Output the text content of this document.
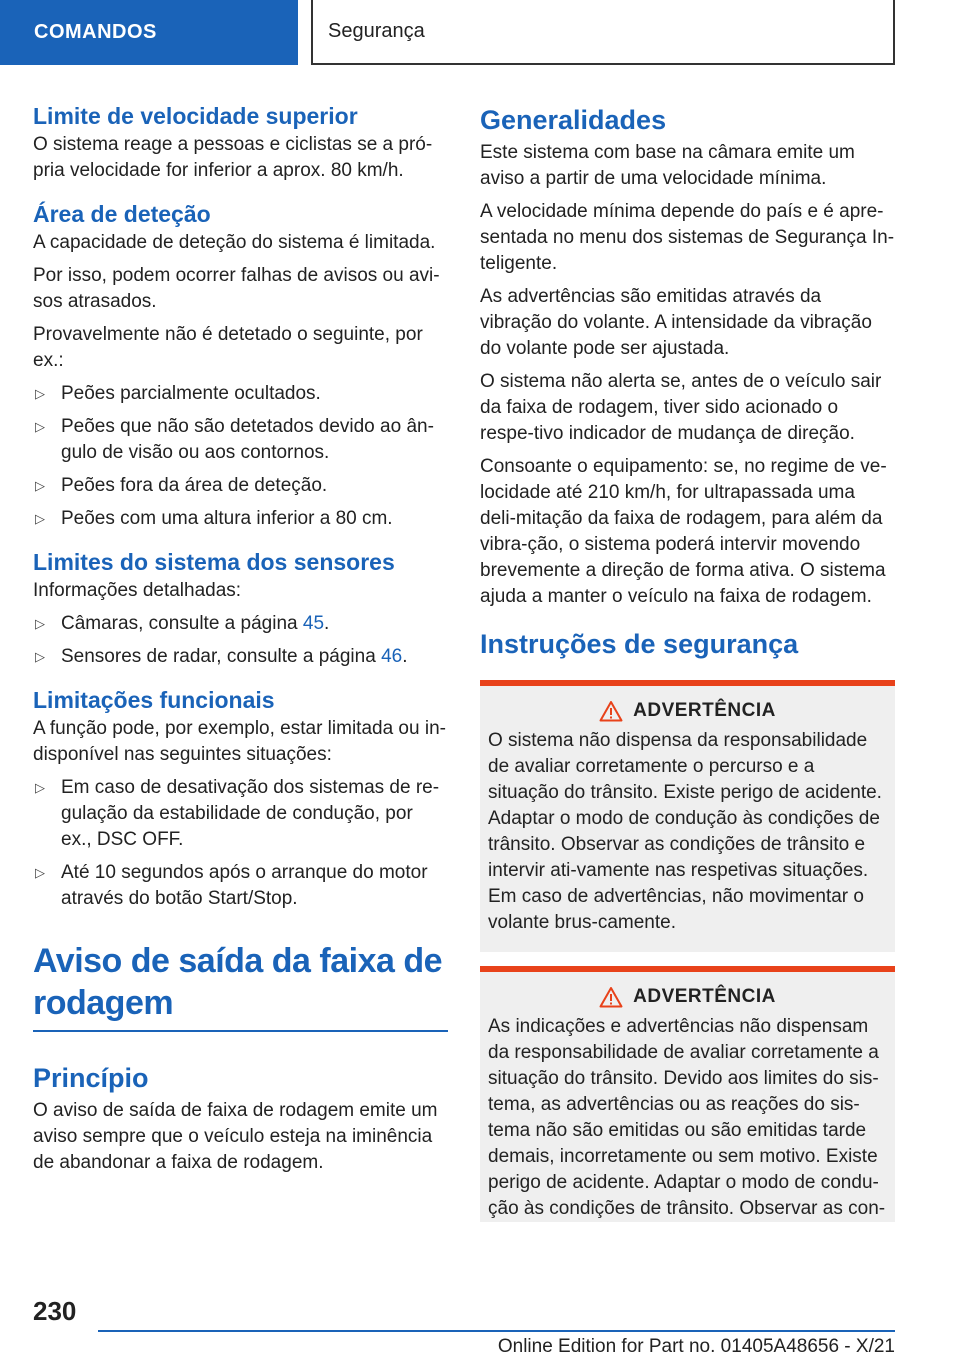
COMANDOS	Segurança
Limite de velocidade superior

O sistema reage a pessoas e ciclistas se a pró-pria velocidade for inferior a aprox. 80 km/h.

Área de deteção

A capacidade de deteção do sistema é limitada.

Por isso, podem ocorrer falhas de avisos ou avi-sos atrasados.

Provavelmente não é detetado o seguinte, por ex.:

▷ Peões parcialmente ocultados.
▷ Peões que não são detetados devido ao ân-gulo de visão ou aos contornos.
▷ Peões fora da área de deteção.
▷ Peões com uma altura inferior a 80 cm.
Limites do sistema dos sensores

Informações detalhadas:

▷ Câmaras, consulte a página 45.
▷ Sensores de radar, consulte a página 46.
Limitações funcionais

A função pode, por exemplo, estar limitada ou in-disponível nas seguintes situações:

▷ Em caso de desativação dos sistemas de re-gulação da estabilidade de condução, por ex., DSC OFF.
▷ Até 10 segundos após o arranque do motor através do botão Start/Stop.
Aviso de saída da faixa de rodagem
Princípio

O aviso de saída de faixa de rodagem emite um aviso sempre que o veículo esteja na iminência de abandonar a faixa de rodagem.

Generalidades

Este sistema com base na câmara emite um aviso a partir de uma velocidade mínima.

A velocidade mínima depende do país e é apre-sentada no menu dos sistemas de Segurança In-teligente.

As advertências são emitidas através da vibração do volante. A intensidade da vibração do volante pode ser ajustada.

O sistema não alerta se, antes de o veículo sair da faixa de rodagem, tiver sido acionado o respe-tivo indicador de mudança de direção.

Consoante o equipamento: se, no regime de ve-locidade até 210 km/h, for ultrapassada uma deli-mitação da faixa de rodagem, para além da vibra-ção, o sistema poderá intervir movendo brevemente a direção de forma ativa. O sistema ajuda a manter o veículo na faixa de rodagem.

Instruções de segurança
ADVERTÊNCIA

O sistema não dispensa da responsabilidade de avaliar corretamente o percurso e a situação do trânsito. Existe perigo de acidente. Adaptar o modo de condução às condições de trânsito. Observar as condições de trânsito e intervir ati-vamente nas respetivas situações. Em caso de advertências, não movimentar o volante brus-camente.

ADVERTÊNCIA

As indicações e advertências não dispensam da responsabilidade de avaliar corretamente a situação do trânsito. Devido aos limites do sis-tema, as advertências ou as reações do sis-tema não são emitidas ou são emitidas tarde demais, incorretamente ou sem motivo. Existe perigo de acidente. Adaptar o modo de condu-ção às condições de trânsito. Observar as con-

230
Online Edition for Part no. 01405A48656 - X/21
